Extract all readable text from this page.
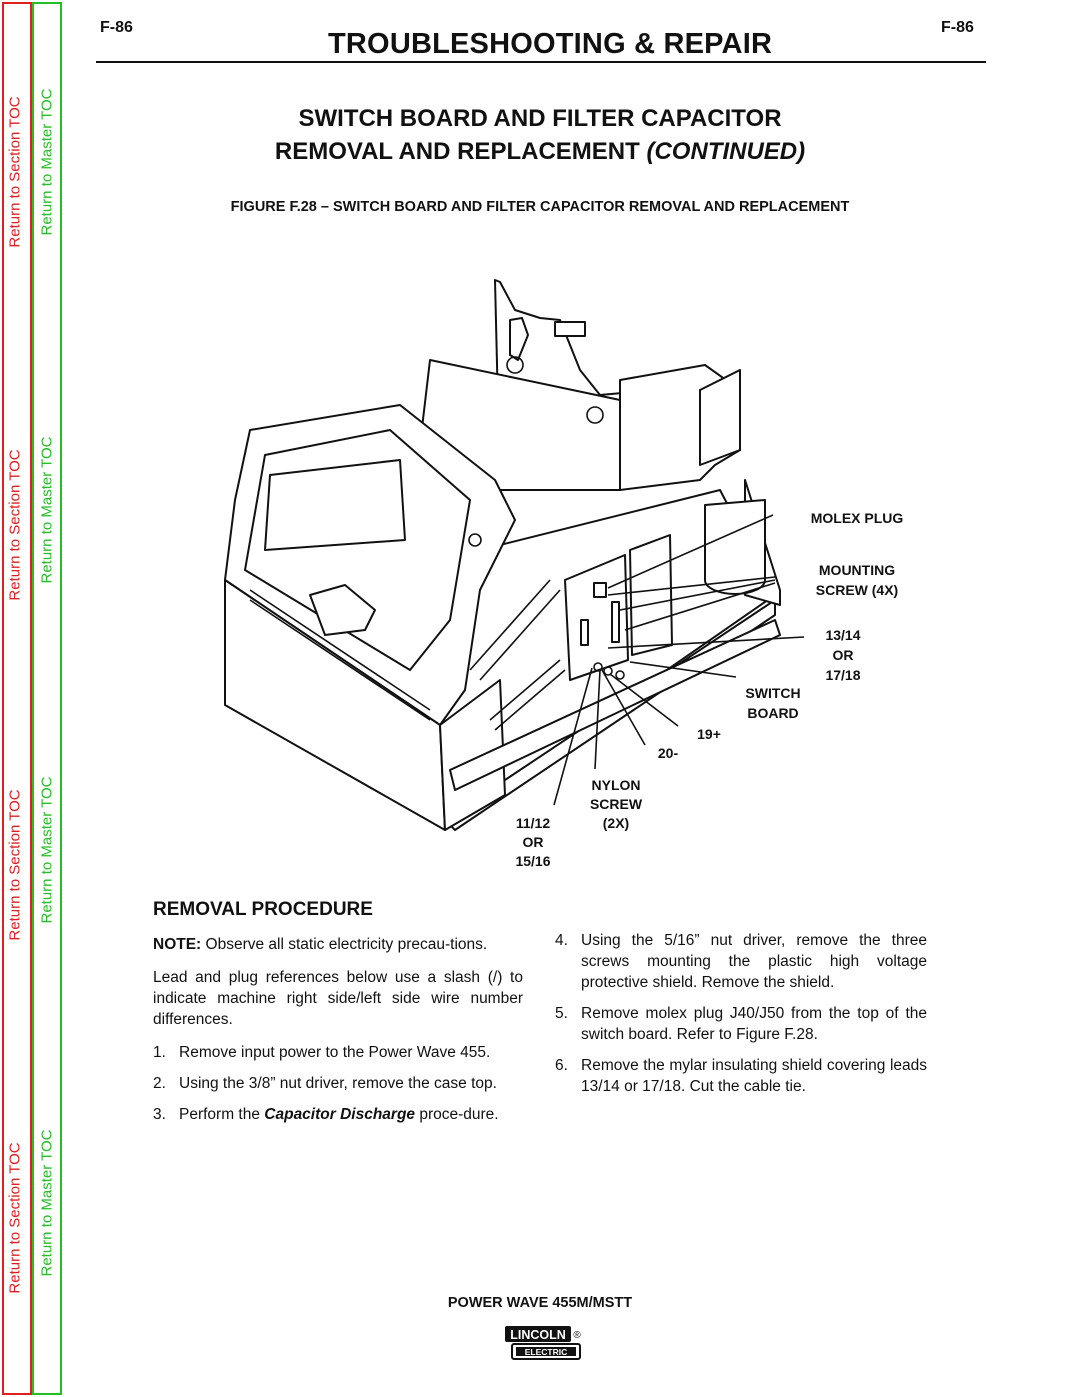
Return to Section TOC
Return to Section TOC
Return to Section TOC
Return to Section TOC
Return to Master TOC
Return to Master TOC
Return to Master TOC
Return to Master TOC
F-86	F-86
TROUBLESHOOTING & REPAIR
SWITCH BOARD AND FILTER CAPACITOR
REMOVAL AND REPLACEMENT (CONTINUED)
FIGURE F.28 – SWITCH BOARD AND FILTER CAPACITOR REMOVAL AND REPLACEMENT
MOLEX PLUG
MOUNTING
SCREW (4X)
13/14
OR
17/18
SWITCH
BOARD
19+
20-
NYLON
SCREW
(2X)
11/12
OR
15/16
REMOVAL PROCEDURE

NOTE: Observe all static electricity precau-tions.

Lead and plug references below use a slash (/) to indicate machine right side/left side wire number differences.

1. Remove input power to the Power Wave 455.
2. Using the 3/8” nut driver, remove the case top.
3. Perform the Capacitor Discharge proce-dure.
4. Using the 5/16” nut driver, remove the three screws mounting the plastic high voltage protective shield. Remove the shield.
5. Remove molex plug J40/J50 from the top of the switch board. Refer to Figure F.28.
6. Remove the mylar insulating shield covering leads 13/14 or 17/18. Cut the cable tie.
POWER WAVE 455M/MSTT
LINCOLN ®
ELECTRIC
